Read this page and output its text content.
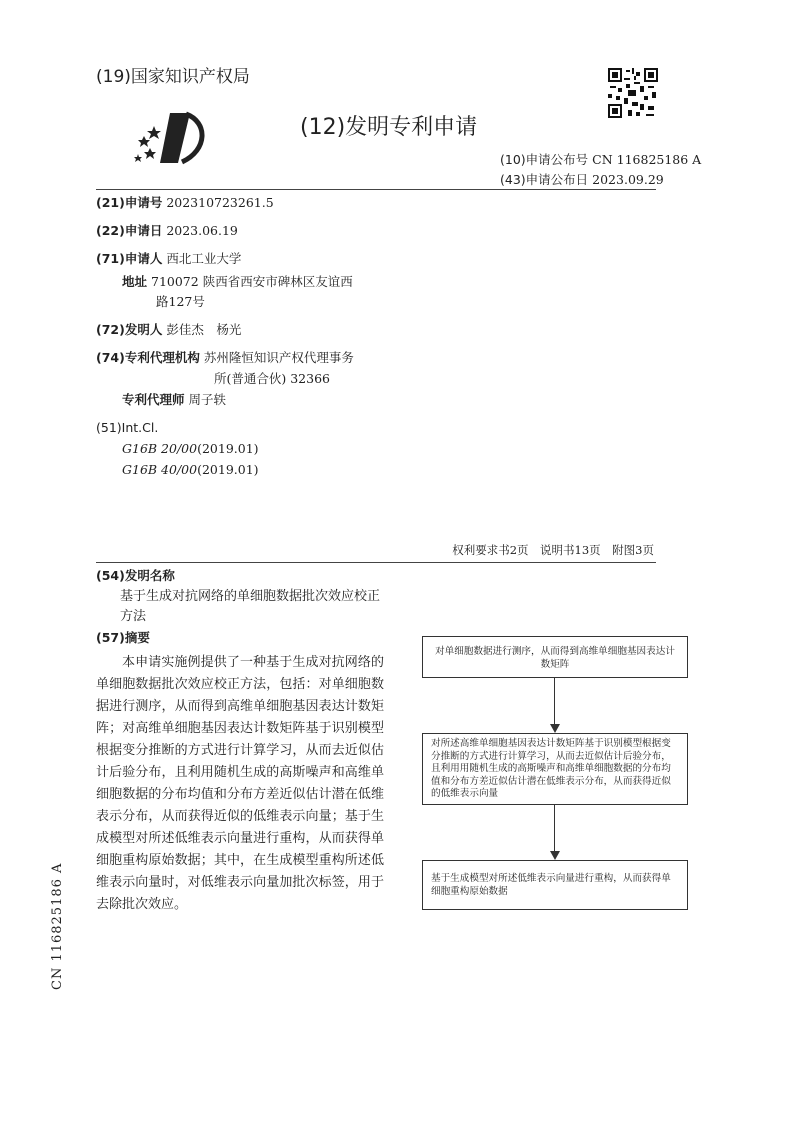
(19)国家知识产权局
(12)发明专利申请
(10)申请公布号 CN 116825186 A
(43)申请公布日 2023.09.29
(21)申请号 202310723261.5
(22)申请日 2023.06.19
(71)申请人 西北工业大学
地址 710072 陕西省西安市碑林区友谊西
路127号
(72)发明人 彭佳杰　杨光
(74)专利代理机构 苏州隆恒知识产权代理事务
所(普通合伙) 32366
专利代理师 周子轶
(51)Int.Cl.
G16B 20/00(2019.01)
G16B 40/00(2019.01)
权利要求书2页　说明书13页　附图3页
(54)发明名称
基于生成对抗网络的单细胞数据批次效应校正方法
(57)摘要
本申请实施例提供了一种基于生成对抗网络的单细胞数据批次效应校正方法，包括：对单细胞数据进行测序，从而得到高维单细胞基因表达计数矩阵；对高维单细胞基因表达计数矩阵基于识别模型根据变分推断的方式进行计算学习，从而去近似估计后验分布，且利用随机生成的高斯噪声和高维单细胞数据的分布均值和分布方差近似估计潜在低维表示分布，从而获得近似的低维表示向量；基于生成模型对所述低维表示向量进行重构，从而获得单细胞重构原始数据；其中，在生成模型重构所述低维表示向量时，对低维表示向量加批次标签，用于去除批次效应。
对单细胞数据进行测序，从而得到高维单细胞基因表达计数矩阵
对所述高维单细胞基因表达计数矩阵基于识别模型根据变分推断的方式进行计算学习，从而去近似估计后验分布，且利用用随机生成的高斯噪声和高维单细胞数据的分布均值和分布方差近似估计潜在低维表示分布，从而获得近似的低维表示向量
基于生成模型对所述低维表示向量进行重构，从而获得单细胞重构原始数据
CN 116825186 A
